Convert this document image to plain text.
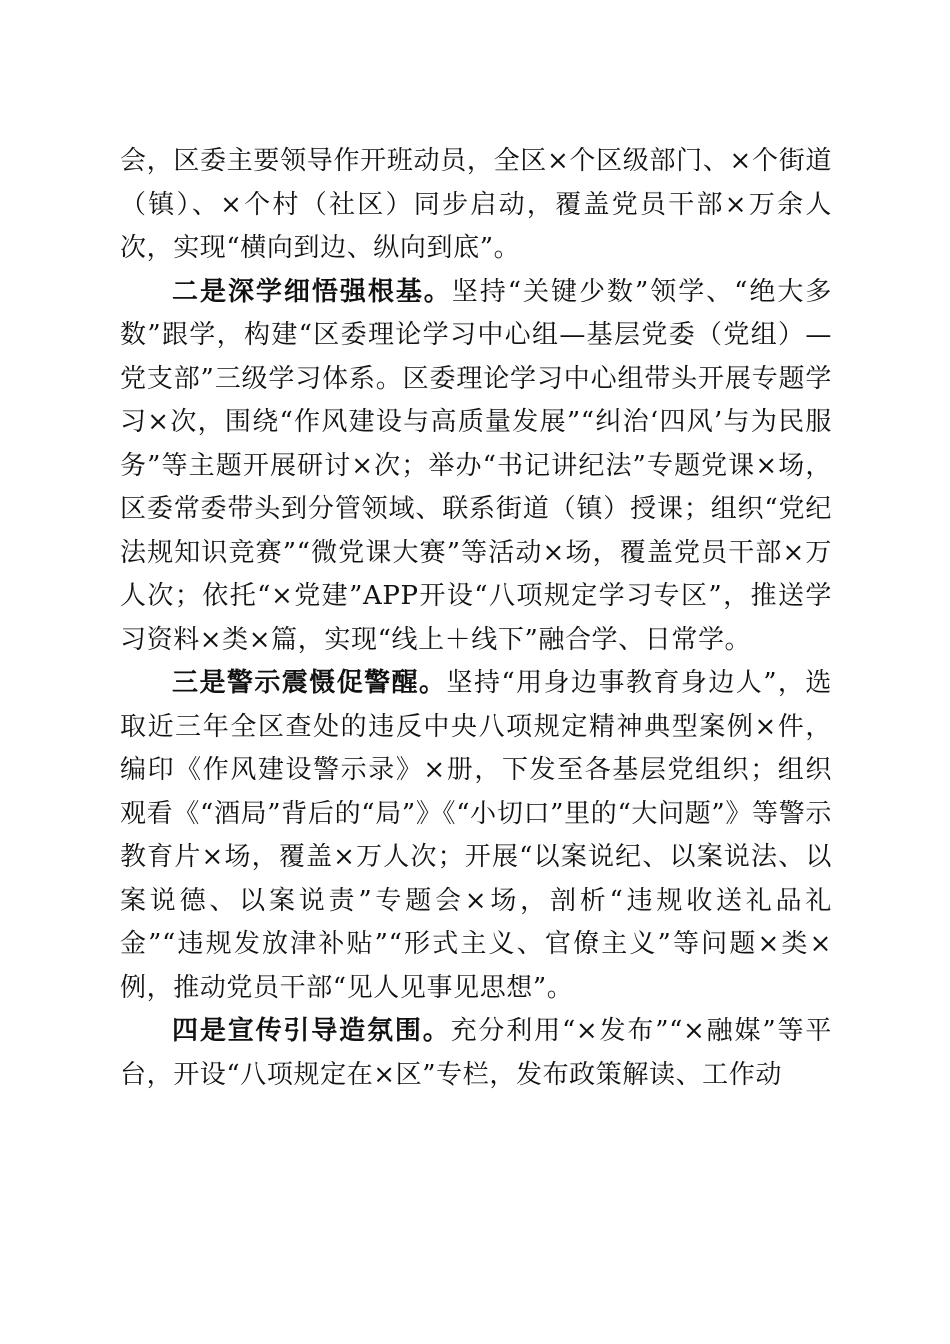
会，区委主要领导作开班动员，全区×个区级部门、×个街道（镇）、×个村（社区）同步启动，覆盖党员干部×万余人次，实现“横向到边、纵向到底”。

二是深学细悟强根基。坚持“关键少数”领学、“绝大多数”跟学，构建“区委理论学习中心组—基层党委（党组）—党支部”三级学习体系。区委理论学习中心组带头开展专题学习×次，围绕“作风建设与高质量发展”“纠治‘四风’与为民服务”等主题开展研讨×次；举办“书记讲纪法”专题党课×场，区委常委带头到分管领域、联系街道（镇）授课；组织“党纪法规知识竞赛”“微党课大赛”等活动×场，覆盖党员干部×万人次；依托“×党建”APP开设“八项规定学习专区”，推送学习资料×类×篇，实现“线上＋线下”融合学、日常学。

三是警示震慑促警醒。坚持“用身边事教育身边人”，选取近三年全区查处的违反中央八项规定精神典型案例×件，编印《作风建设警示录》×册，下发至各基层党组织；组织观看《“酒局”背后的“局”》《“小切口”里的“大问题”》等警示教育片×场，覆盖×万人次；开展“以案说纪、以案说法、以案说德、以案说责”专题会×场，剖析“违规收送礼品礼金”“违规发放津补贴”“形式主义、官僚主义”等问题×类×例，推动党员干部“见人见事见思想”。

四是宣传引导造氛围。充分利用“×发布”“×融媒”等平台，开设“八项规定在×区”专栏，发布政策解读、工作动
